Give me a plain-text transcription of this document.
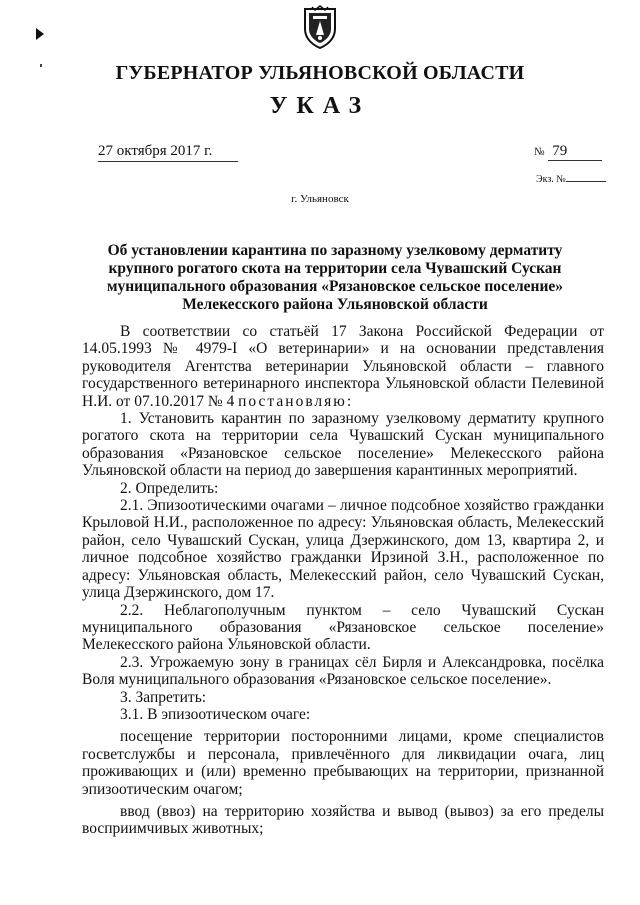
ГУБЕРНАТОР УЛЬЯНОВСКОЙ ОБЛАСТИ
УКАЗ
27 октября 2017 г.	№ 79
Экз. №
г. Ульяновск
Об установлении карантина по заразному узелковому дерматиту
крупного рогатого скота на территории села Чувашский Сускан
муниципального образования «Рязановское сельское поселение»
Мелекесского района Ульяновской области

В соответствии со статьёй 17 Закона Российской Федерации от 14.05.1993 № 4979-I «О ветеринарии» и на основании представления руководителя Агентства ветеринарии Ульяновской области – главного государственного ветеринарного инспектора Ульяновской области Пелевиной Н.И. от 07.10.2017 № 4 постановляю:

1. Установить карантин по заразному узелковому дерматиту крупного рогатого скота на территории села Чувашский Сускан муниципального образования «Рязановское сельское поселение» Мелекесского района Ульяновской области на период до завершения карантинных мероприятий.

2. Определить:

2.1. Эпизоотическими очагами – личное подсобное хозяйство гражданки Крыловой Н.И., расположенное по адресу: Ульяновская область, Мелекесский район, село Чувашский Сускан, улица Дзержинского, дом 13, квартира 2, и личное подсобное хозяйство гражданки Ирзиной З.Н., расположенное по адресу: Ульяновская область, Мелекесский район, село Чувашский Сускан, улица Дзержинского, дом 17.

2.2. Неблагополучным пунктом – село Чувашский Сускан муниципального образования «Рязановское сельское поселение» Мелекесского района Ульяновской области.

2.3. Угрожаемую зону в границах сёл Бирля и Александровка, посёлка Воля муниципального образования «Рязановское сельское поселение».

3. Запретить:

3.1. В эпизоотическом очаге:

посещение территории посторонними лицами, кроме специалистов госветслужбы и персонала, привлечённого для ликвидации очага, лиц проживающих и (или) временно пребывающих на территории, признанной эпизоотическим очагом;

ввод (ввоз) на территорию хозяйства и вывод (вывоз) за его пределы восприимчивых животных;
